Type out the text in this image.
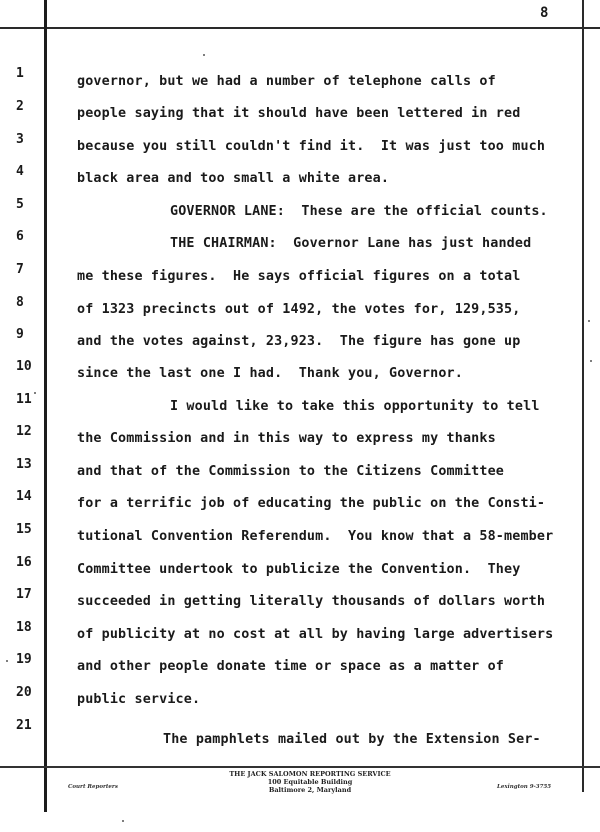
8
1
2
3
4
5
6
7
8
9
10
11
12
13
14
15
16
17
18
19
20
21
governor, but we had a number of telephone calls of
people saying that it should have been lettered in red
because you still couldn't find it.  It was just too much
black area and too small a white area.
GOVERNOR LANE:  These are the official counts.
THE CHAIRMAN:  Governor Lane has just handed
me these figures.  He says official figures on a total
of 1323 precincts out of 1492, the votes for, 129,535,
and the votes against, 23,923.  The figure has gone up
since the last one I had.  Thank you, Governor.
I would like to take this opportunity to tell
the Commission and in this way to express my thanks
and that of the Commission to the Citizens Committee
for a terrific job of educating the public on the Consti-
tutional Convention Referendum.  You know that a 58-member
Committee undertook to publicize the Convention.  They
succeeded in getting literally thousands of dollars worth
of publicity at no cost at all by having large advertisers
and other people donate time or space as a matter of
public service.
The pamphlets mailed out by the Extension Ser-
THE JACK SALOMON REPORTING SERVICE
100 Equitable Building
Baltimore 2, Maryland
Court Reporters	Lexington 9-3755
